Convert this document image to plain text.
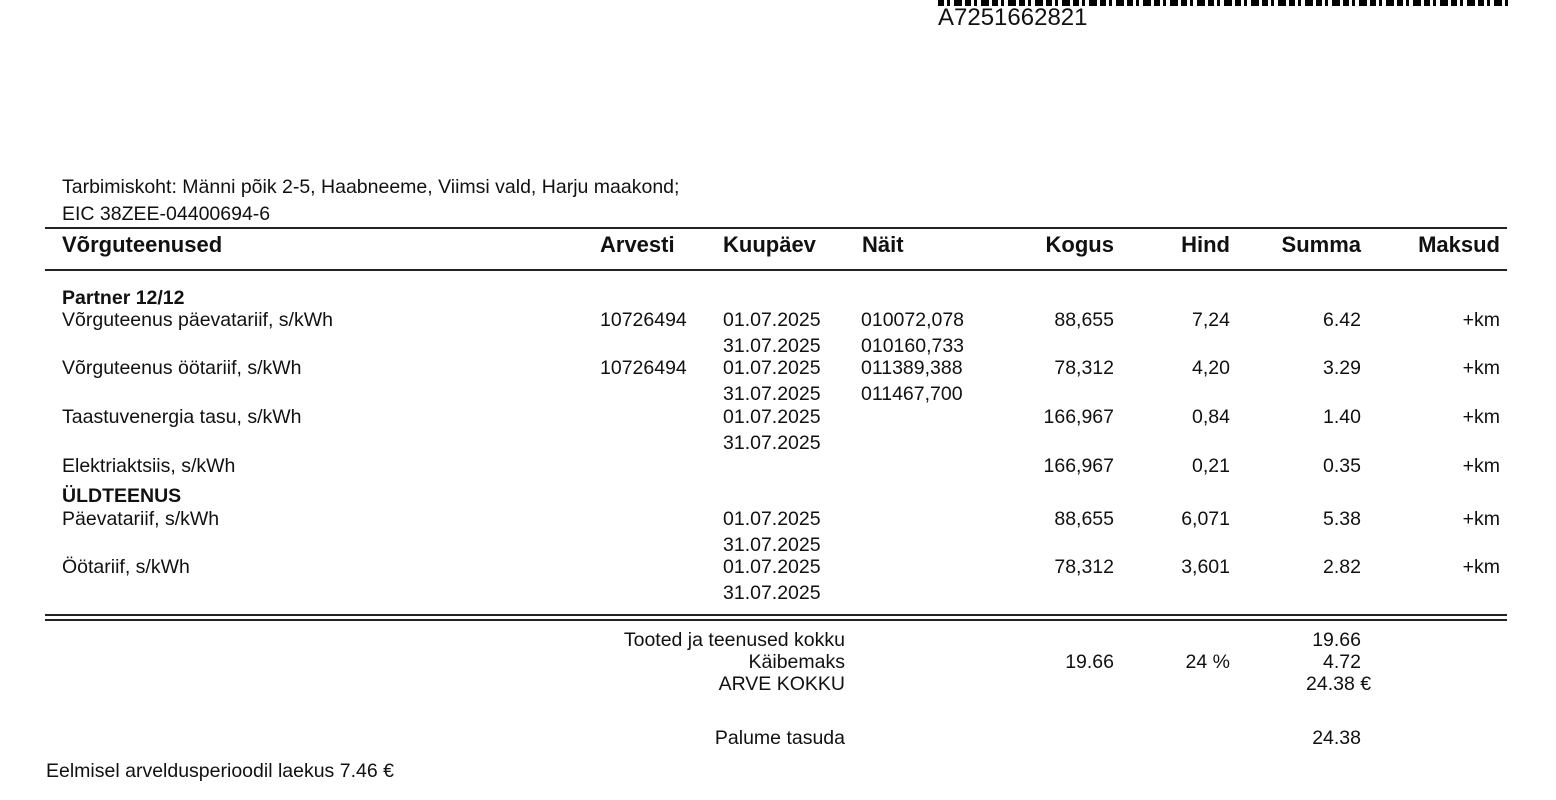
A7251662821
Tarbimiskoht: Männi põik 2-5, Haabneeme, Viimsi vald, Harju maakond;
EIC 38ZEE-04400694-6
Võrguteenused	Arvesti Kuupäev Näit	Kogus	Hind Summa	Maksud
Partner 12/12
ÜLDTEENUS
Võrguteenus päevatariif, s/kWh	10726494 01.07.2025 010072,078	88,655	7,24	6.42	+km
31.07.2025 010160,733
Võrguteenus öötariif, s/kWh	10726494 01.07.2025 011389,388	78,312	4,20	3.29	+km
31.07.2025 011467,700
Taastuvenergia tasu, s/kWh	01.07.2025	166,967	0,84	1.40	+km
31.07.2025
Elektriaktsiis, s/kWh	166,967	0,21	0.35	+km
Päevatariif, s/kWh	01.07.2025	88,655	6,071	5.38	+km
31.07.2025
Öötariif, s/kWh	01.07.2025	78,312	3,601	2.82	+km
31.07.2025
Tooted ja teenused kokku	19.66
Käibemaks	19.66	24 %	4.72
ARVE KOKKU	24.38 €
Palume tasuda	24.38
Eelmisel arveldusperioodil laekus 7.46 €
